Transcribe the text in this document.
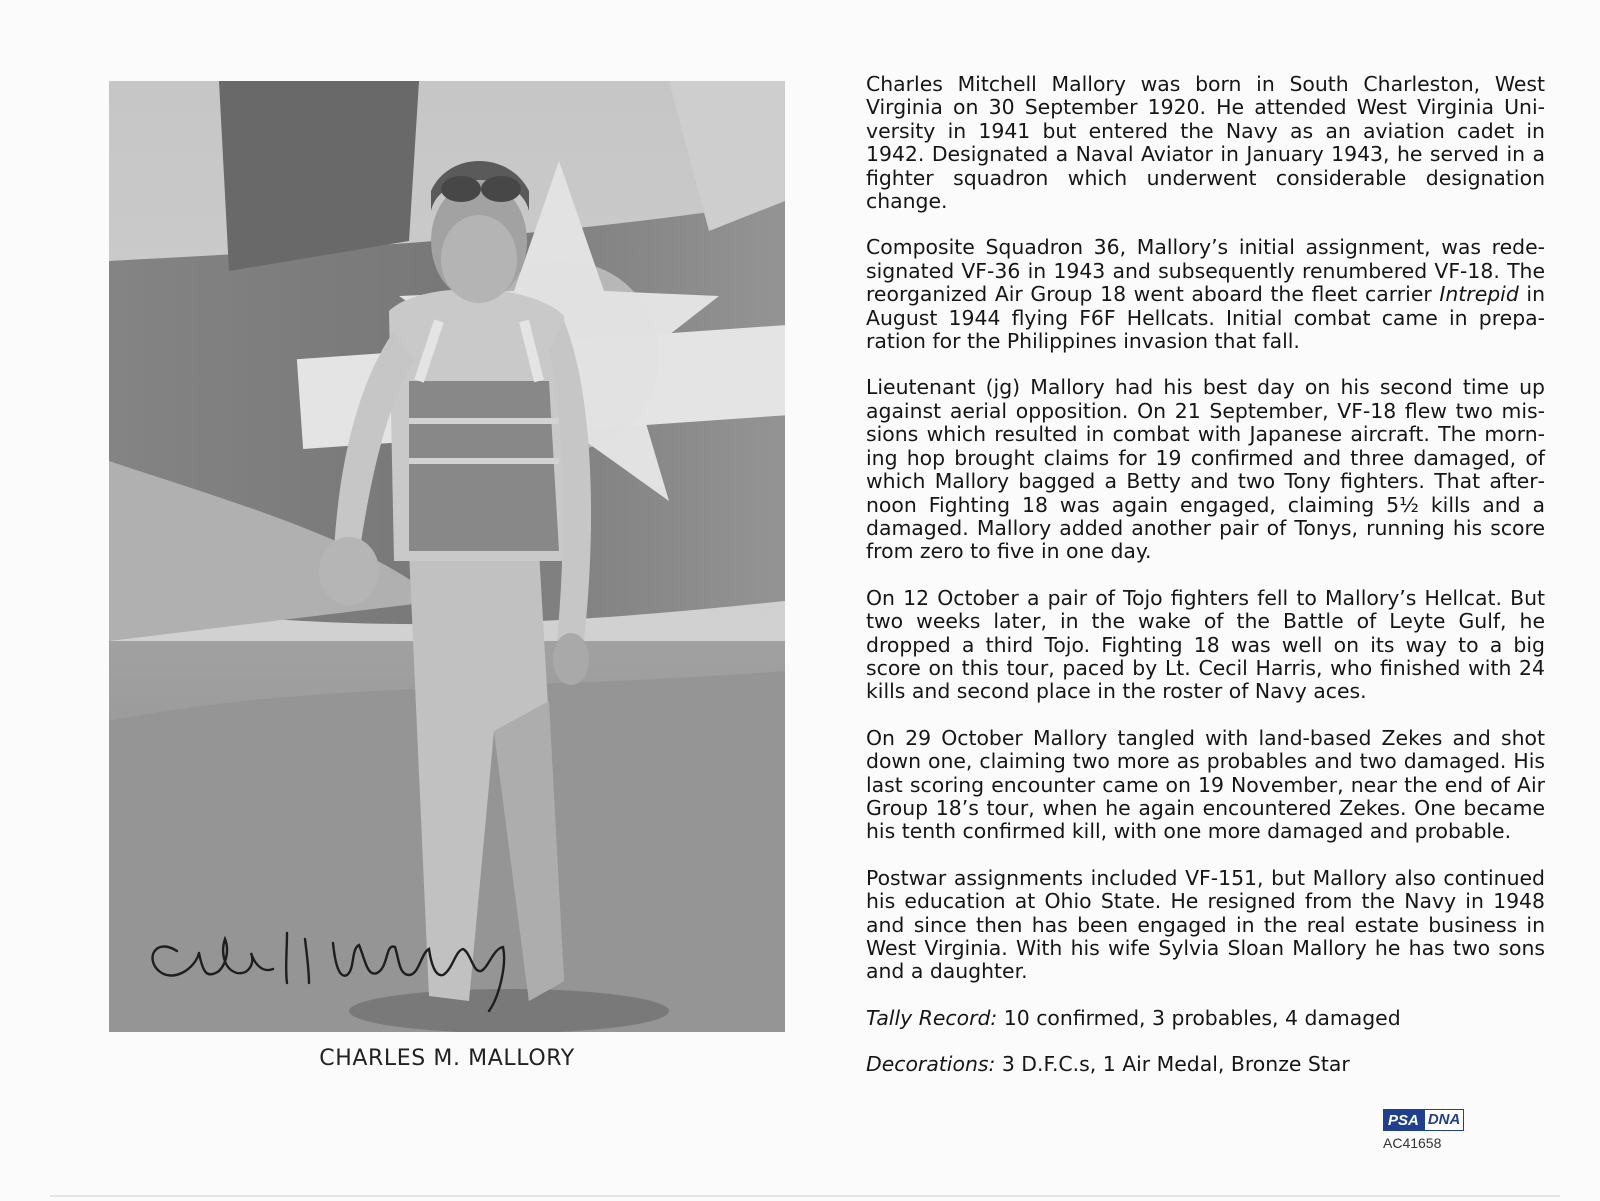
CHARLES M. MALLORY

Charles Mitchell Mallory was born in South Charleston, West Virginia on 30 September 1920. He attended West Virginia University in 1941 but entered the Navy as an aviation cadet in 1942. Designated a Naval Aviator in January 1943, he served in a fighter squadron which underwent considerable designation change.

Composite Squadron 36, Mallory’s initial assignment, was redesignated VF-36 in 1943 and subsequently renumbered VF-18. The reorganized Air Group 18 went aboard the fleet carrier Intrepid in August 1944 flying F6F Hellcats. Initial combat came in preparation for the Philippines invasion that fall.

Lieutenant (jg) Mallory had his best day on his second time up against aerial opposition. On 21 September, VF-18 flew two missions which resulted in combat with Japanese aircraft. The morning hop brought claims for 19 confirmed and three damaged, of which Mallory bagged a Betty and two Tony fighters. That afternoon Fighting 18 was again engaged, claiming 5½ kills and a damaged. Mallory added another pair of Tonys, running his score from zero to five in one day.

On 12 October a pair of Tojo fighters fell to Mallory’s Hellcat. But two weeks later, in the wake of the Battle of Leyte Gulf, he dropped a third Tojo. Fighting 18 was well on its way to a big score on this tour, paced by Lt. Cecil Harris, who finished with 24 kills and second place in the roster of Navy aces.

On 29 October Mallory tangled with land-based Zekes and shot down one, claiming two more as probables and two damaged. His last scoring encounter came on 19 November, near the end of Air Group 18’s tour, when he again encountered Zekes. One became his tenth confirmed kill, with one more damaged and probable.

Postwar assignments included VF-151, but Mallory also continued his education at Ohio State. He resigned from the Navy in 1948 and since then has been engaged in the real estate business in West Virginia. With his wife Sylvia Sloan Mallory he has two sons and a daughter.

Tally Record: 10 confirmed, 3 probables, 4 damaged
Decorations: 3 D.F.C.s, 1 Air Medal, Bronze Star
PSA DNA
AC41658
